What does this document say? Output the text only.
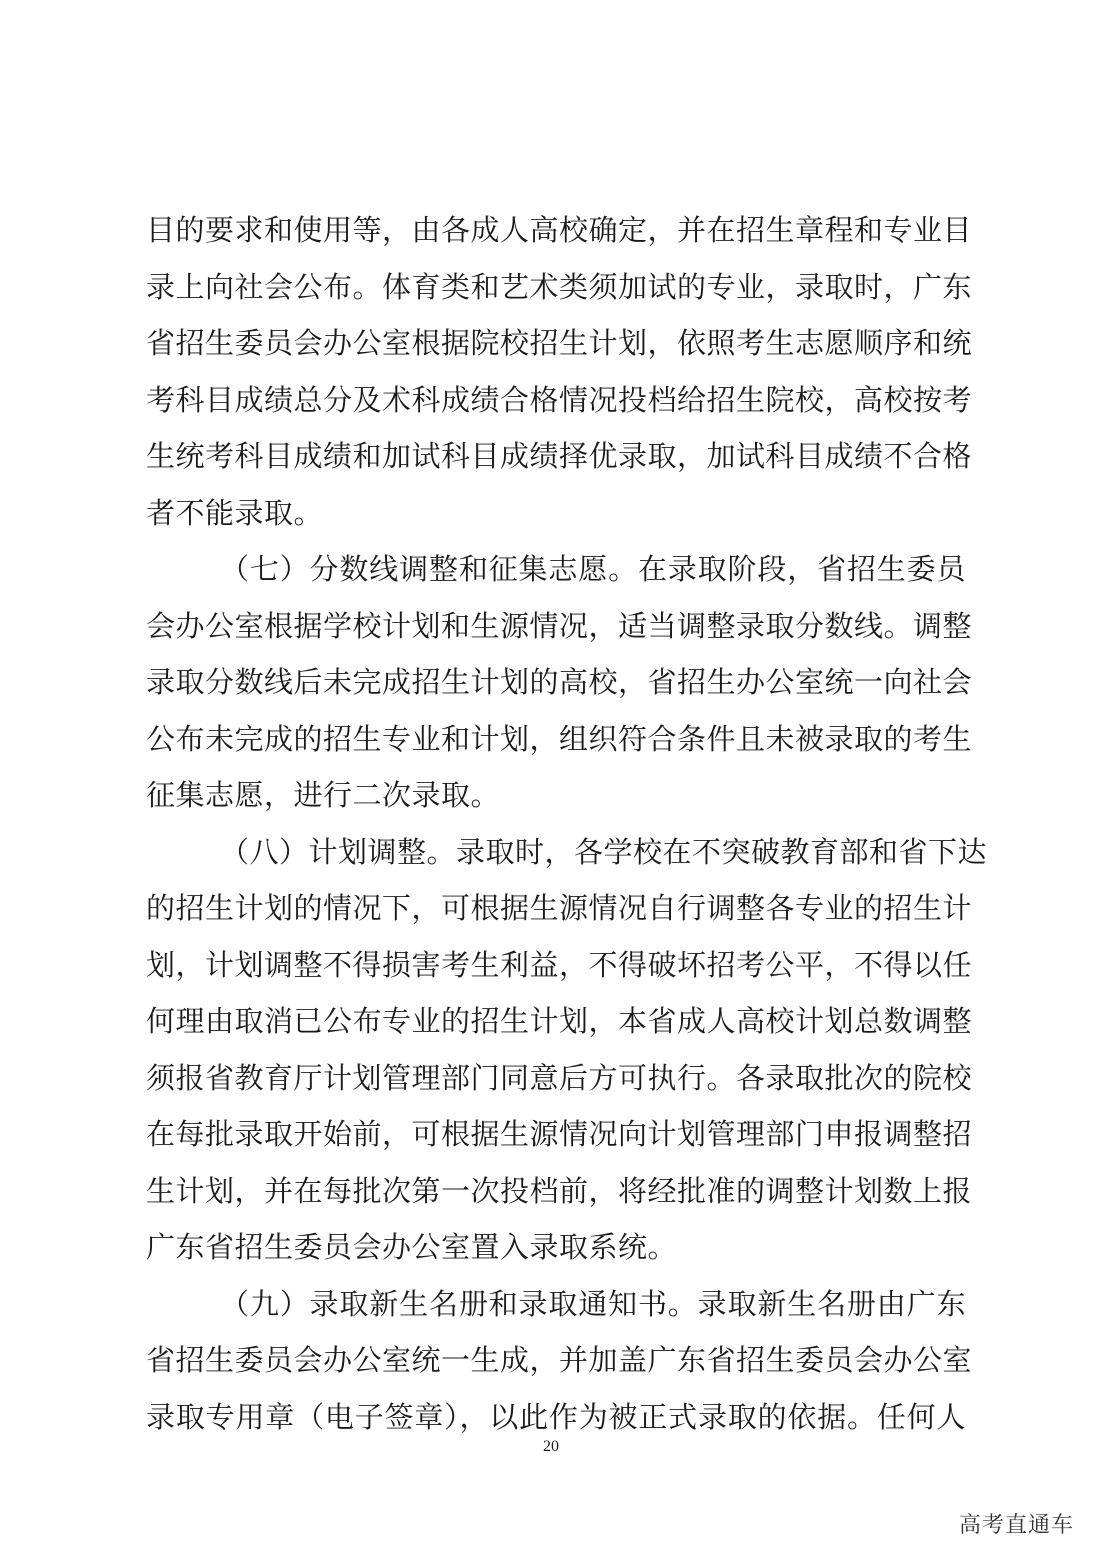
目的要求和使用等，由各成人高校确定，并在招生章程和专业目
录上向社会公布。体育类和艺术类须加试的专业，录取时，广东
省招生委员会办公室根据院校招生计划，依照考生志愿顺序和统
考科目成绩总分及术科成绩合格情况投档给招生院校，高校按考
生统考科目成绩和加试科目成绩择优录取，加试科目成绩不合格
者不能录取。
（七）分数线调整和征集志愿。在录取阶段，省招生委员
会办公室根据学校计划和生源情况，适当调整录取分数线。调整
录取分数线后未完成招生计划的高校，省招生办公室统一向社会
公布未完成的招生专业和计划，组织符合条件且未被录取的考生
征集志愿，进行二次录取。
（八）计划调整。录取时，各学校在不突破教育部和省下达
的招生计划的情况下，可根据生源情况自行调整各专业的招生计
划，计划调整不得损害考生利益，不得破坏招考公平，不得以任
何理由取消已公布专业的招生计划，本省成人高校计划总数调整
须报省教育厅计划管理部门同意后方可执行。各录取批次的院校
在每批录取开始前，可根据生源情况向计划管理部门申报调整招
生计划，并在每批次第一次投档前，将经批准的调整计划数上报
广东省招生委员会办公室置入录取系统。
（九）录取新生名册和录取通知书。录取新生名册由广东
省招生委员会办公室统一生成，并加盖广东省招生委员会办公室
录取专用章（电子签章），以此作为被正式录取的依据。任何人
20
高考直通车
